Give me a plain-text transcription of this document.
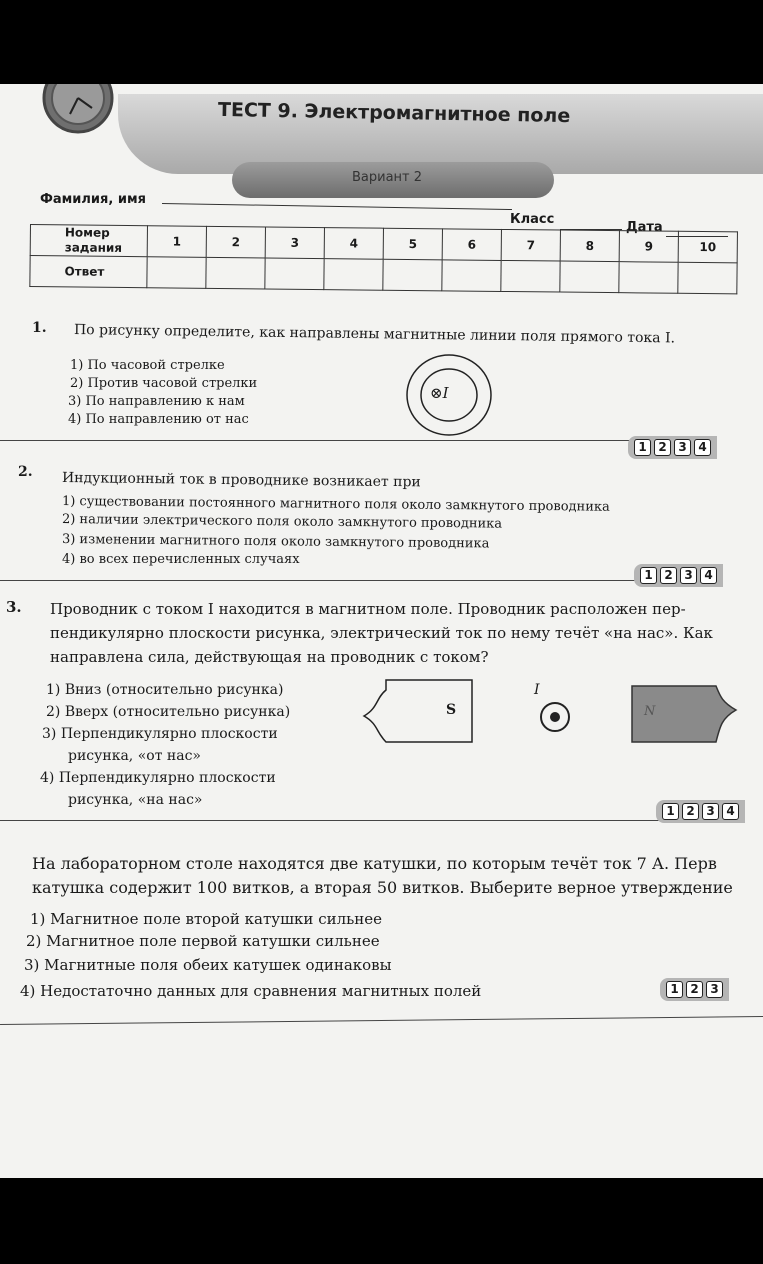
ТЕСТ 9. Электромагнитное поле
Вариант 2
Фамилия, имя
Класс
Дата
Номер задания	1	2	3	4	5	6	7	8	9	10
Ответ										
1. По рисунку определите, как направлены магнитные линии поля прямого тока I.
1) По часовой стрелке
2) Против часовой стрелки
3) По направлению к нам
4) По направлению от нас
⊗I
1 2 3 4
2. Индукционный ток в проводнике возникает при
1) существовании постоянного магнитного поля около замкнутого проводника
2) наличии электрического поля около замкнутого проводника
3) изменении магнитного поля около замкнутого проводника
4) во всех перечисленных случаях
1 2 3 4
3. Проводник с током I находится в магнитном поле. Проводник расположен пер-
пендикулярно плоскости рисунка, электрический ток по нему течёт «на нас». Как
направлена сила, действующая на проводник с током?
1) Вниз (относительно рисунка)
2) Вверх (относительно рисунка)
3) Перпендикулярно плоскости
рисунка, «от нас»
4) Перпендикулярно плоскости
рисунка, «на нас»
S
I
N
1 2 3 4
На лабораторном столе находятся две катушки, по которым течёт ток 7 А. Перв
катушка содержит 100 витков, а вторая 50 витков. Выберите верное утверждение
1) Магнитное поле второй катушки сильнее
2) Магнитное поле первой катушки сильнее
3) Магнитные поля обеих катушек одинаковы
4) Недостаточно данных для сравнения магнитных полей	1 2 3
